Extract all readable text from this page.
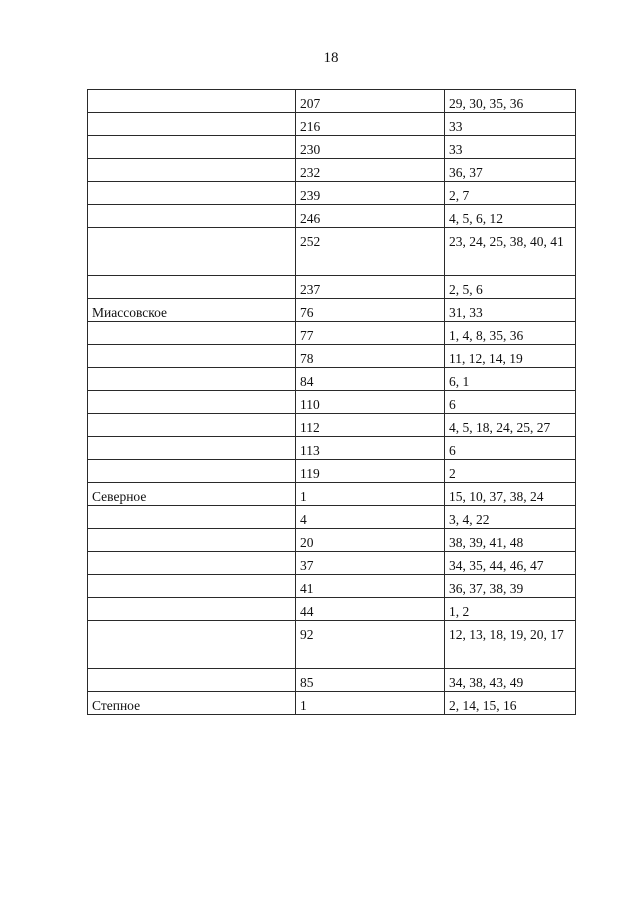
18
	207	29, 30, 35, 36
	216	33
	230	33
	232	36, 37
	239	2, 7
	246	4, 5, 6, 12
	252	23, 24, 25, 38, 40, 41
	237	2, 5, 6
Миассовское	76	31, 33
	77	1, 4, 8, 35, 36
	78	11, 12, 14, 19
	84	6, 1
	110	6
	112	4, 5, 18, 24, 25, 27
	113	6
	119	2
Северное	1	15, 10, 37, 38, 24
	4	3, 4, 22
	20	38, 39, 41, 48
	37	34, 35, 44, 46, 47
	41	36, 37, 38, 39
	44	1, 2
	92	12, 13, 18, 19, 20, 17
	85	34, 38, 43, 49
Степное	1	2, 14, 15, 16
